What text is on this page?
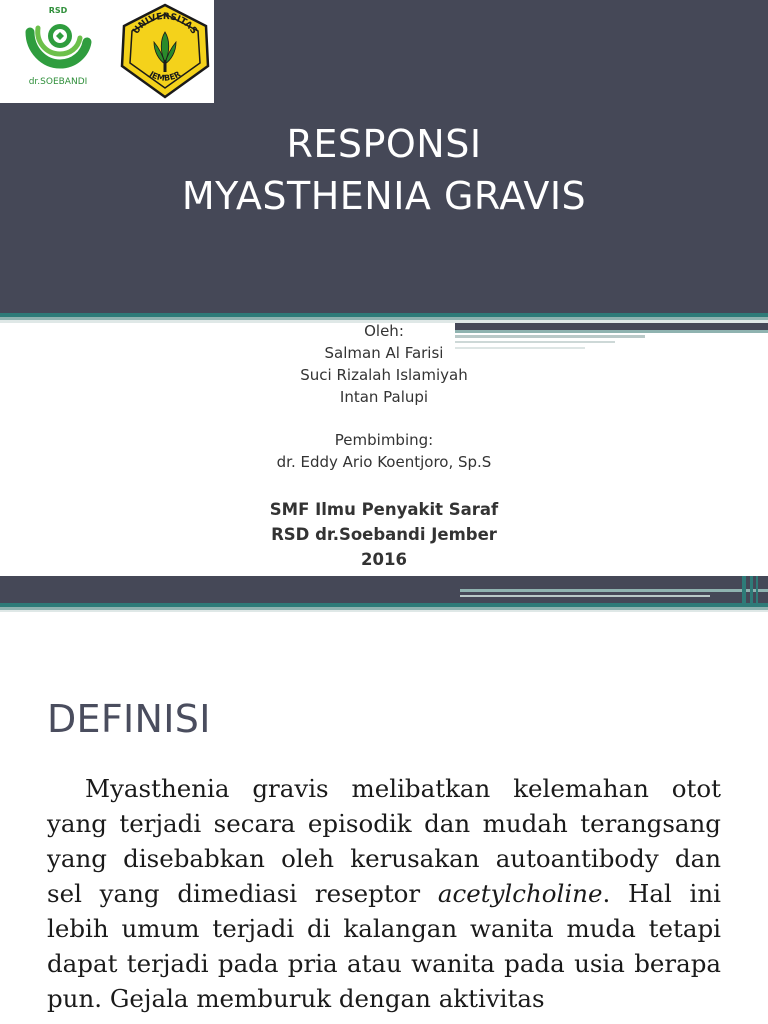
RSD
dr.SOEBANDI
UNIVERSITAS
JEMBER
RESPONSI
MYASTHENIA GRAVIS
Oleh:
Salman Al Farisi
Suci Rizalah Islamiyah
Intan Palupi
Pembimbing:
dr. Eddy Ario Koentjoro, Sp.S
SMF Ilmu Penyakit Saraf
RSD dr.Soebandi Jember
2016
DEFINISI

Myasthenia gravis melibatkan kelemahan otot yang terjadi secara episodik dan mudah terangsang yang disebabkan oleh kerusakan autoantibody dan sel yang dimediasi reseptor acetylcholine. Hal ini lebih umum terjadi di kalangan wanita muda tetapi dapat terjadi pada pria atau wanita pada usia berapa pun. Gejala memburuk dengan aktivitas
